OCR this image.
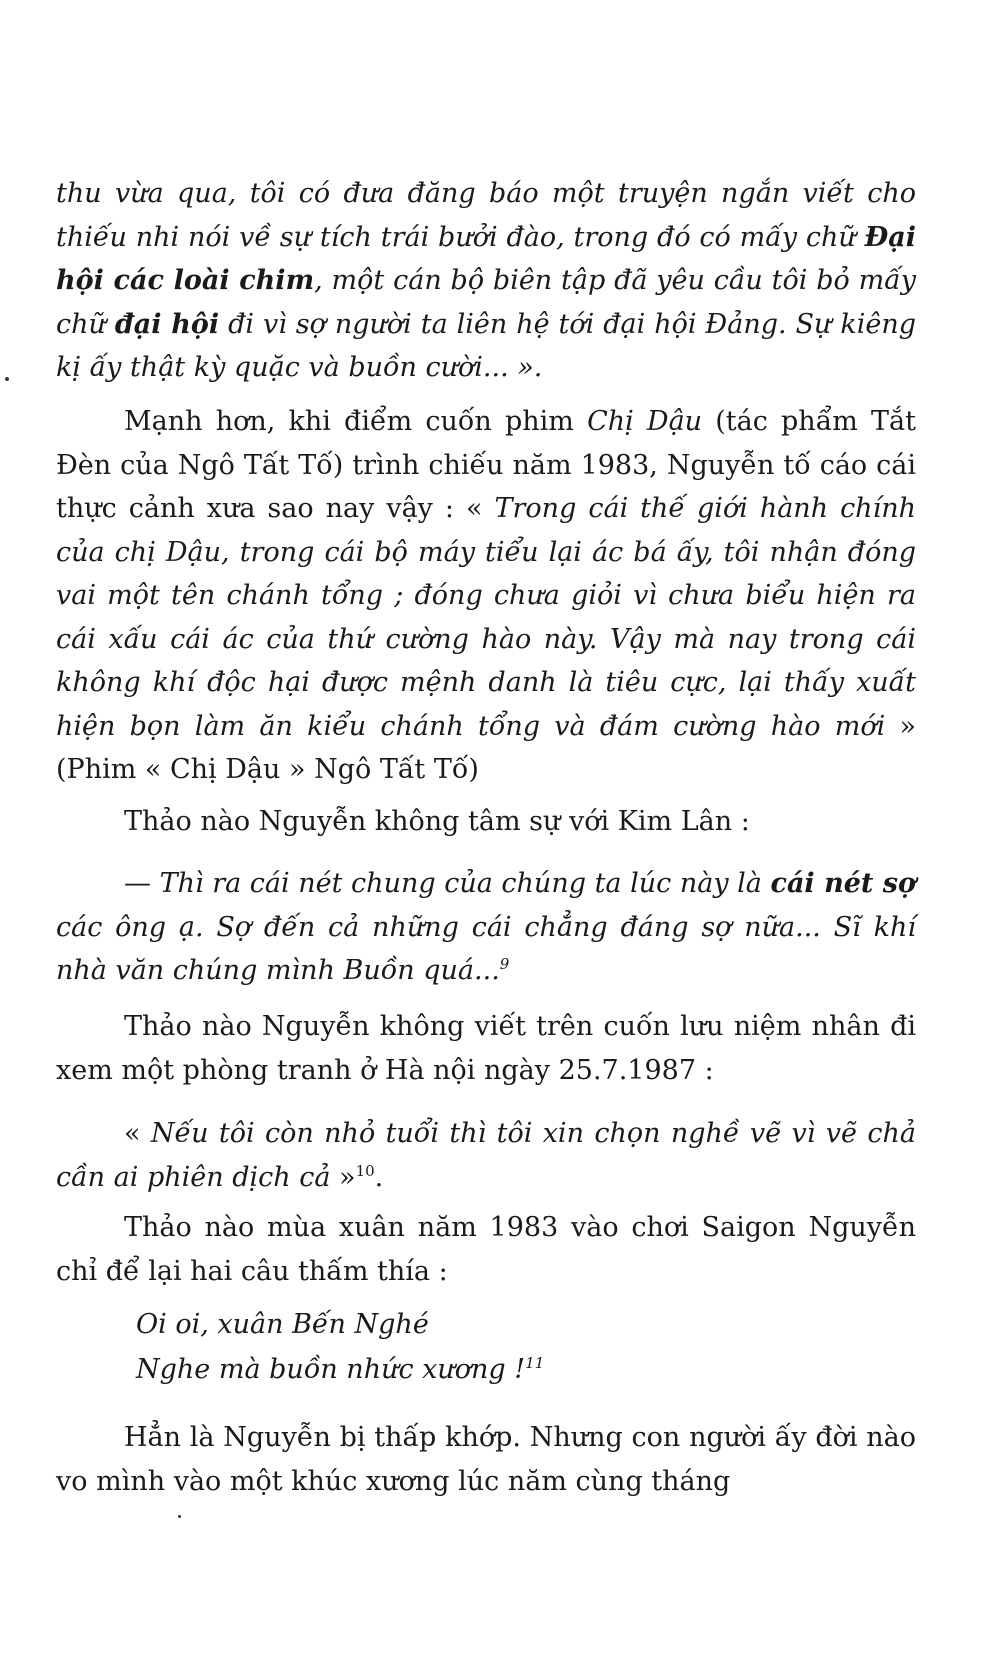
thu vừa qua, tôi có đưa đăng báo một truyện ngắn viết cho thiếu nhi nói về sự tích trái bưởi đào, trong đó có mấy chữ Đại hội các loài chim, một cán bộ biên tập đã yêu cầu tôi bỏ mấy chữ đại hội đi vì sợ người ta liên hệ tới đại hội Đảng. Sự kiêng kị ấy thật kỳ quặc và buồn cười... ».

Mạnh hơn, khi điểm cuốn phim Chị Dậu (tác phẩm Tắt Đèn của Ngô Tất Tố) trình chiếu năm 1983, Nguyễn tố cáo cái thực cảnh xưa sao nay vậy : « Trong cái thế giới hành chính của chị Dậu, trong cái bộ máy tiểu lại ác bá ấy, tôi nhận đóng vai một tên chánh tổng ; đóng chưa giỏi vì chưa biểu hiện ra cái xấu cái ác của thứ cường hào này. Vậy mà nay trong cái không khí độc hại được mệnh danh là tiêu cực, lại thấy xuất hiện bọn làm ăn kiểu chánh tổng và đám cường hào mới » (Phim « Chị Dậu » Ngô Tất Tố)

Thảo nào Nguyễn không tâm sự với Kim Lân :

— Thì ra cái nét chung của chúng ta lúc này là cái nét sợ các ông ạ. Sợ đến cả những cái chẳng đáng sợ nữa... Sĩ khí nhà văn chúng mình Buồn quá...$^9$

Thảo nào Nguyễn không viết trên cuốn lưu niệm nhân đi xem một phòng tranh ở Hà nội ngày 25.7.1987 :

« Nếu tôi còn nhỏ tuổi thì tôi xin chọn nghề vẽ vì vẽ chả cần ai phiên dịch cả »$^{10}$.

Thảo nào mùa xuân năm 1983 vào chơi Saigon Nguyễn chỉ để lại hai câu thấm thía :

Oi oi, xuân Bến Nghé

Nghe mà buồn nhức xương !$^{11}$

Hẳn là Nguyễn bị thấp khớp. Nhưng con người ấy đời nào vo mình vào một khúc xương lúc năm cùng tháng
